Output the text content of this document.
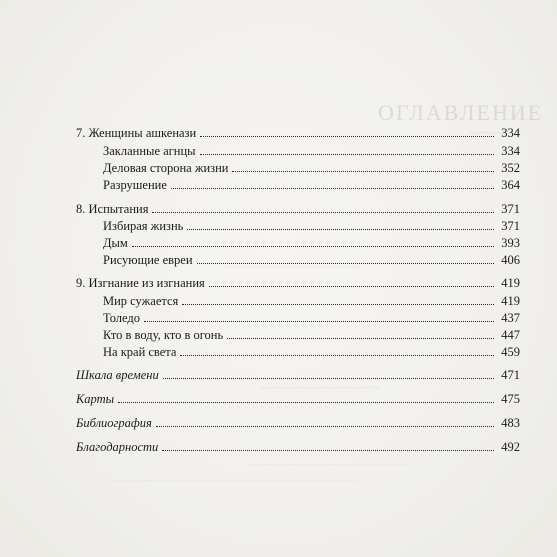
ОГЛАВЛЕНИЕ
~~~~~~~
~~~~~~~~~~~~~~~~~~~~~~~~~~~~
~~~~~~~~~~~~~~~~~~~~
~~~~~~~~~~~~~~~~~~~~~~~~~~~
~~~~~~~~~~~~~~~~~~~~~~~~~~~~~~~~
~~~~~~~~~~~~~~~~~~~~~~~~~~~~~~~~~~~~~~~~~~~~~~~~~~~
7. Женщины ашкенази	334
Закланные агнцы	334
Деловая сторона жизни	352
Разрушение	364
8. Испытания	371
Избирая жизнь	371
Дым	393
Рисующие евреи	406
9. Изгнание из изгнания	419
Мир сужается	419
Толедо	437
Кто в воду, кто в огонь	447
На край света	459
Шкала времени	471
Карты	475
Библиография	483
Благодарности	492
